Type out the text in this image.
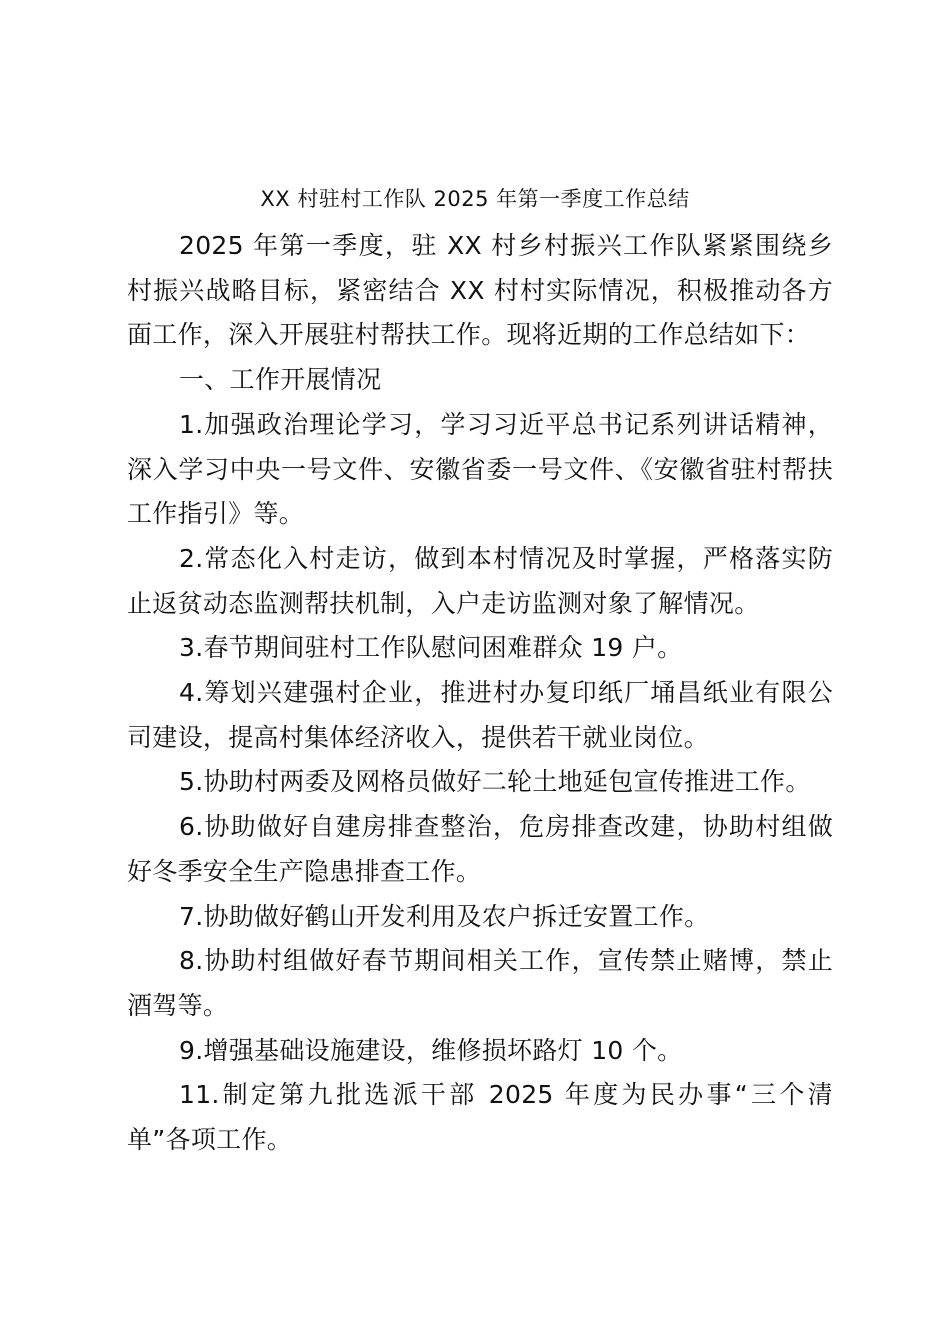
XX 村驻村工作队 2025 年第一季度工作总结

2025 年第一季度，驻 XX 村乡村振兴工作队紧紧围绕乡村振兴战略目标，紧密结合 XX 村村实际情况，积极推动各方面工作，深入开展驻村帮扶工作。现将近期的工作总结如下：

一、工作开展情况

1.加强政治理论学习，学习习近平总书记系列讲话精神，深入学习中央一号文件、安徽省委一号文件、《安徽省驻村帮扶工作指引》等。

2.常态化入村走访，做到本村情况及时掌握，严格落实防止返贫动态监测帮扶机制，入户走访监测对象了解情况。

3.春节期间驻村工作队慰问困难群众 19 户。

4.筹划兴建强村企业，推进村办复印纸厂埇昌纸业有限公司建设，提高村集体经济收入，提供若干就业岗位。

5.协助村两委及网格员做好二轮土地延包宣传推进工作。

6.协助做好自建房排查整治，危房排查改建，协助村组做好冬季安全生产隐患排查工作。

7.协助做好鹤山开发利用及农户拆迁安置工作。

8.协助村组做好春节期间相关工作，宣传禁止赌博，禁止酒驾等。

9.增强基础设施建设，维修损坏路灯 10 个。

11.制定第九批选派干部 2025 年度为民办事“三个清单”各项工作。
